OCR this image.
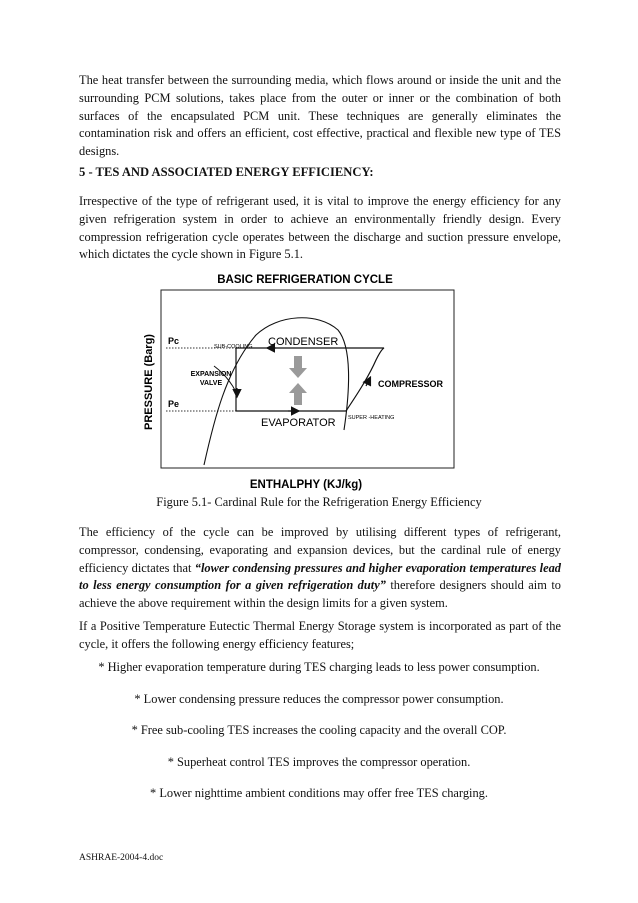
The heat transfer between the surrounding media, which flows around or inside the unit and the surrounding PCM solutions, takes place from the outer or inner or the combination of both surfaces of the encapsulated PCM unit. These techniques are generally eliminates the contamination risk and offers an efficient, cost effective, practical and flexible new type of TES designs.

5 - TES AND ASSOCIATED ENERGY EFFICIENCY:

Irrespective of the type of refrigerant used, it is vital to improve the energy efficiency for any given refrigeration system in order to achieve an environmentally friendly design. Every compression refrigeration cycle operates between the discharge and suction pressure envelope, which dictates the cycle shown in Figure 5.1.

BASIC REFRIGERATION CYCLE
PRESSURE (Barg)
ENTHALPHY (KJ/kg)
Pc
Pe
SUB-COOLING CONDENSER
EXPANSION
VALVE	COMPRESSOR
SUPER -HEATING
EVAPORATOR

Figure 5.1- Cardinal Rule for the Refrigeration Energy Efficiency

The efficiency of the cycle can be improved by utilising different types of refrigerant, compressor, condensing, evaporating and expansion devices, but the cardinal rule of energy efficiency dictates that “lower condensing pressures and higher evaporation temperatures lead to less energy consumption for a given refrigeration duty” therefore designers should aim to achieve the above requirement within the design limits for a given system.

If a Positive Temperature Eutectic Thermal Energy Storage system is incorporated as part of the cycle, it offers the following energy efficiency features;

* Higher evaporation temperature during TES charging leads to less power consumption.

* Lower condensing pressure reduces the compressor power consumption.

* Free sub-cooling TES increases the cooling capacity and the overall COP.

* Superheat control TES improves the compressor operation.

* Lower nighttime ambient conditions may offer free TES charging.

ASHRAE-2004-4.doc
